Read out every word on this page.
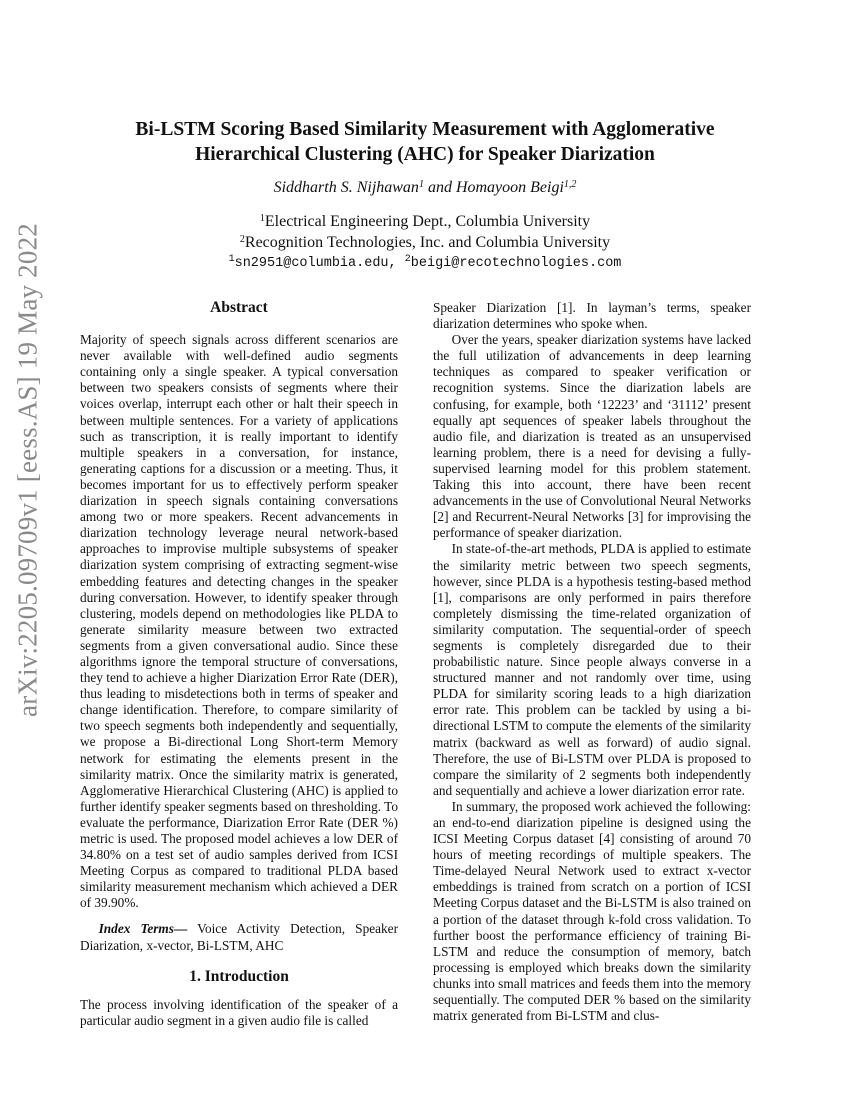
arXiv:2205.09709v1 [eess.AS] 19 May 2022
Bi-LSTM Scoring Based Similarity Measurement with Agglomerative
Hierarchical Clustering (AHC) for Speaker Diarization
Siddharth S. Nijhawan$^1$ and Homayoon Beigi$^{1,2}$
$^1$Electrical Engineering Dept., Columbia University
$^2$Recognition Technologies, Inc. and Columbia University
$^1$sn2951@columbia.edu, $^2$beigi@recotechnologies.com
Abstract

Majority of speech signals across different scenarios are never available with well-defined audio segments containing only a single speaker. A typical conversation between two speakers consists of segments where their voices overlap, interrupt each other or halt their speech in between multiple sentences. For a variety of applications such as transcription, it is really important to identify multiple speakers in a conversation, for instance, generating captions for a discussion or a meeting. Thus, it becomes important for us to effectively perform speaker diarization in speech signals containing conversations among two or more speakers. Recent advancements in diarization technology leverage neural network-based approaches to improvise multiple subsystems of speaker diarization system comprising of extracting segment-wise embedding features and detecting changes in the speaker during conversation. However, to identify speaker through clustering, models depend on methodologies like PLDA to generate similarity measure between two extracted segments from a given conversational audio. Since these algorithms ignore the temporal structure of conversations, they tend to achieve a higher Diarization Error Rate (DER), thus leading to misdetections both in terms of speaker and change identification. Therefore, to compare similarity of two speech segments both independently and sequentially, we propose a Bi-directional Long Short-term Memory network for estimating the elements present in the similarity matrix. Once the similarity matrix is generated, Agglomerative Hierarchical Clustering (AHC) is applied to further identify speaker segments based on thresholding. To evaluate the performance, Diarization Error Rate (DER %) metric is used. The proposed model achieves a low DER of 34.80% on a test set of audio samples derived from ICSI Meeting Corpus as compared to traditional PLDA based similarity measurement mechanism which achieved a DER of 39.90%.

Index Terms— Voice Activity Detection, Speaker Diarization, x-vector, Bi-LSTM, AHC

1. Introduction

The process involving identification of the speaker of a particular audio segment in a given audio file is called

Speaker Diarization [1]. In layman’s terms, speaker diarization determines who spoke when.

Over the years, speaker diarization systems have lacked the full utilization of advancements in deep learning techniques as compared to speaker verification or recognition systems. Since the diarization labels are confusing, for example, both ‘12223’ and ‘31112’ present equally apt sequences of speaker labels throughout the audio file, and diarization is treated as an unsupervised learning problem, there is a need for devising a fully-supervised learning model for this problem statement. Taking this into account, there have been recent advancements in the use of Convolutional Neural Networks [2] and Recurrent-Neural Networks [3] for improvising the performance of speaker diarization.

In state-of-the-art methods, PLDA is applied to estimate the similarity metric between two speech segments, however, since PLDA is a hypothesis testing-based method [1], comparisons are only performed in pairs therefore completely dismissing the time-related organization of similarity computation. The sequential-order of speech segments is completely disregarded due to their probabilistic nature. Since people always converse in a structured manner and not randomly over time, using PLDA for similarity scoring leads to a high diarization error rate. This problem can be tackled by using a bi-directional LSTM to compute the elements of the similarity matrix (backward as well as forward) of audio signal. Therefore, the use of Bi-LSTM over PLDA is proposed to compare the similarity of 2 segments both independently and sequentially and achieve a lower diarization error rate.

In summary, the proposed work achieved the following: an end-to-end diarization pipeline is designed using the ICSI Meeting Corpus dataset [4] consisting of around 70 hours of meeting recordings of multiple speakers. The Time-delayed Neural Network used to extract x-vector embeddings is trained from scratch on a portion of ICSI Meeting Corpus dataset and the Bi-LSTM is also trained on a portion of the dataset through k-fold cross validation. To further boost the performance efficiency of training Bi-LSTM and reduce the consumption of memory, batch processing is employed which breaks down the similarity chunks into small matrices and feeds them into the memory sequentially. The computed DER % based on the similarity matrix generated from Bi-LSTM and clus-
